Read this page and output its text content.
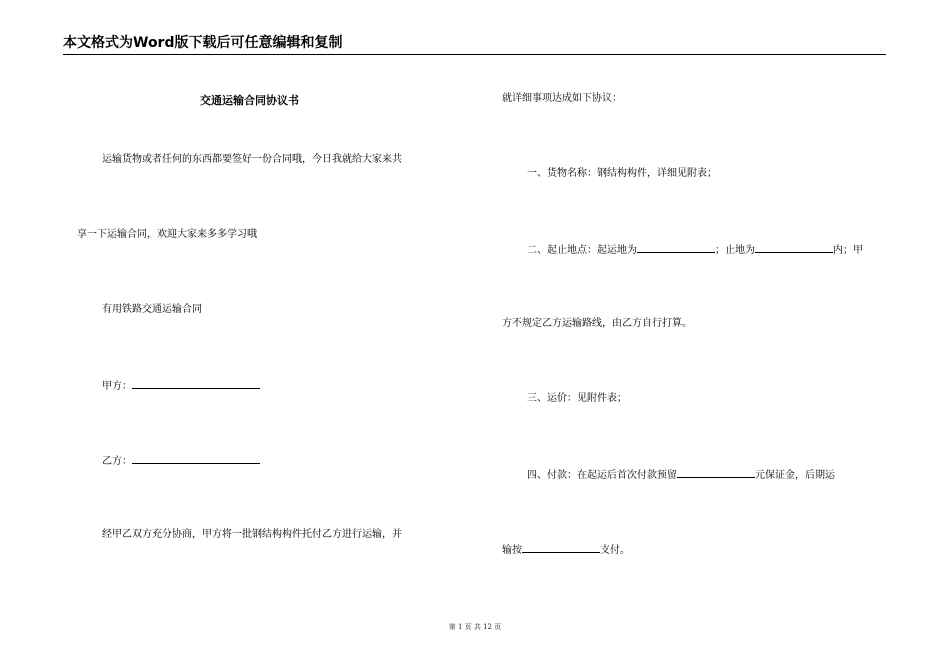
本文格式为Word版下载后可任意编辑和复制
交通运输合同协议书
运输货物或者任何的东西都要签好一份合同哦，今日我就给大家来共
享一下运输合同，欢迎大家来多多学习哦
有用铁路交通运输合同
甲方：
乙方：
经甲乙双方充分协商，甲方将一批钢结构构件托付乙方进行运输，并
就详细事项达成如下协议：
一、货物名称：钢结构构件，详细见附表；
二、起止地点：起运地为	；止地为	内；甲
方不规定乙方运输路线，由乙方自行打算。
三、运价：见附件表；
四、付款：在起运后首次付款预留	元保证金，后期运
输按	支付。
第 1 页 共 12 页
